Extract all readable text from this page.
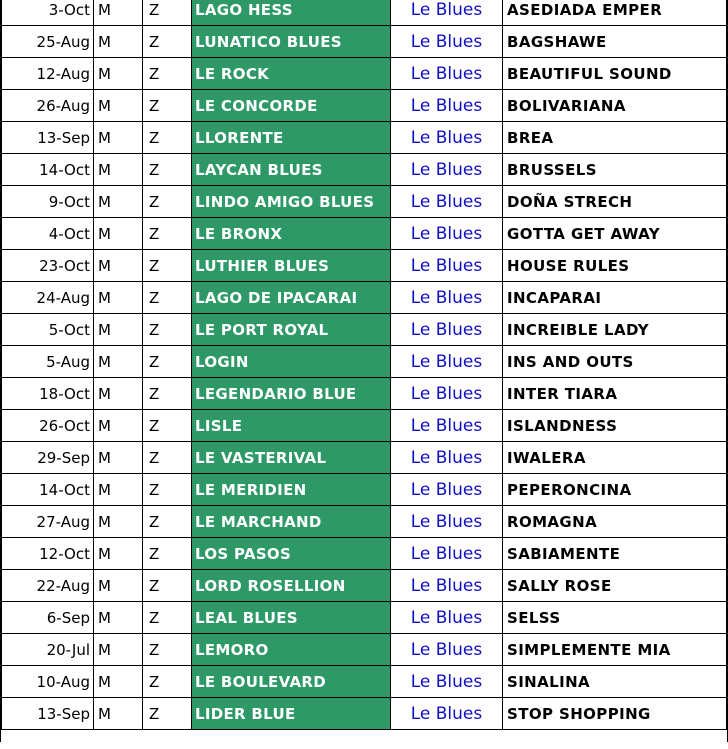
3-Oct	M	Z	LAGO HESS	Le Blues	ASEDIADA EMPER
25-Aug	M	Z	LUNATICO BLUES	Le Blues	BAGSHAWE
12-Aug	M	Z	LE ROCK	Le Blues	BEAUTIFUL SOUND
26-Aug	M	Z	LE CONCORDE	Le Blues	BOLIVARIANA
13-Sep	M	Z	LLORENTE	Le Blues	BREA
14-Oct	M	Z	LAYCAN BLUES	Le Blues	BRUSSELS
9-Oct	M	Z	LINDO AMIGO BLUES	Le Blues	DOÑA STRECH
4-Oct	M	Z	LE BRONX	Le Blues	GOTTA GET AWAY
23-Oct	M	Z	LUTHIER BLUES	Le Blues	HOUSE RULES
24-Aug	M	Z	LAGO DE IPACARAI	Le Blues	INCAPARAI
5-Oct	M	Z	LE PORT ROYAL	Le Blues	INCREIBLE LADY
5-Aug	M	Z	LOGIN	Le Blues	INS AND OUTS
18-Oct	M	Z	LEGENDARIO BLUE	Le Blues	INTER TIARA
26-Oct	M	Z	LISLE	Le Blues	ISLANDNESS
29-Sep	M	Z	LE VASTERIVAL	Le Blues	IWALERA
14-Oct	M	Z	LE MERIDIEN	Le Blues	PEPERONCINA
27-Aug	M	Z	LE MARCHAND	Le Blues	ROMAGNA
12-Oct	M	Z	LOS PASOS	Le Blues	SABIAMENTE
22-Aug	M	Z	LORD ROSELLION	Le Blues	SALLY ROSE
6-Sep	M	Z	LEAL BLUES	Le Blues	SELSS
20-Jul	M	Z	LEMORO	Le Blues	SIMPLEMENTE MIA
10-Aug	M	Z	LE BOULEVARD	Le Blues	SINALINA
13-Sep	M	Z	LIDER BLUE	Le Blues	STOP SHOPPING
